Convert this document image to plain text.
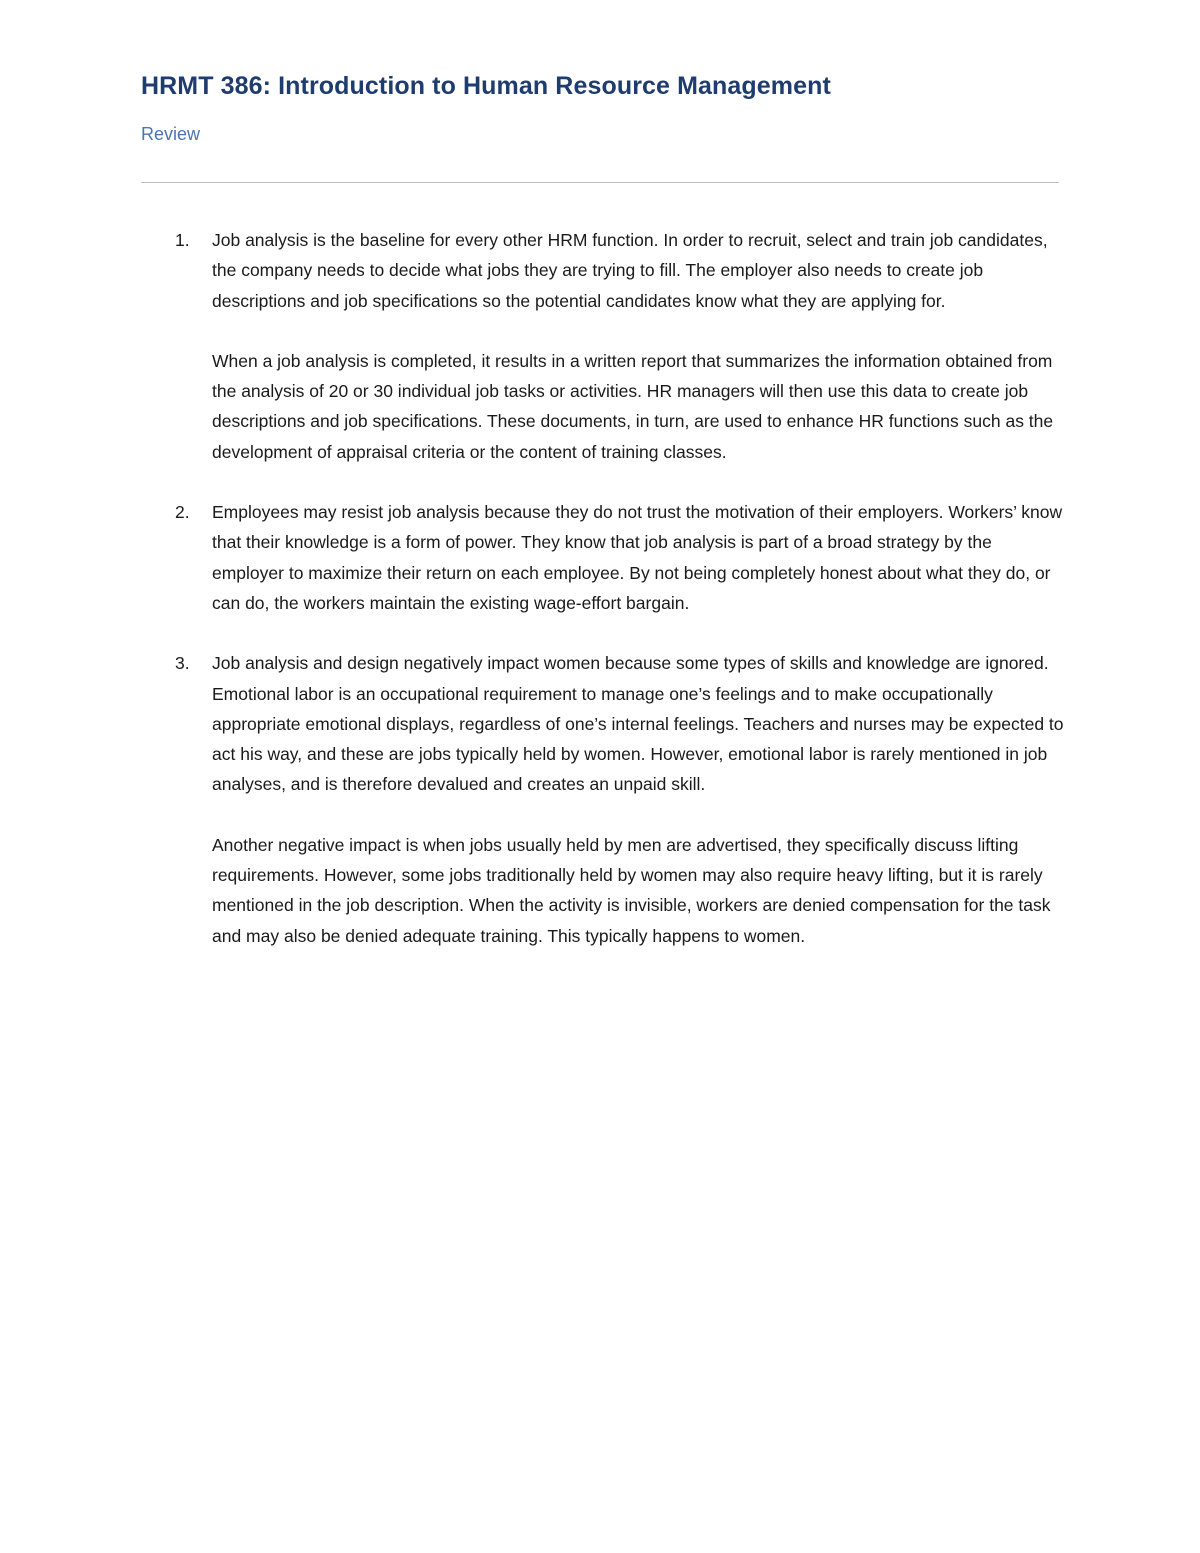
HRMT 386: Introduction to Human Resource Management
Review
1. Job analysis is the baseline for every other HRM function. In order to recruit, select and train job candidates, the company needs to decide what jobs they are trying to fill. The employer also needs to create job descriptions and job specifications so the potential candidates know what they are applying for.

When a job analysis is completed, it results in a written report that summarizes the information obtained from the analysis of 20 or 30 individual job tasks or activities. HR managers will then use this data to create job descriptions and job specifications. These documents, in turn, are used to enhance HR functions such as the development of appraisal criteria or the content of training classes.

2. Employees may resist job analysis because they do not trust the motivation of their employers. Workers’ know that their knowledge is a form of power. They know that job analysis is part of a broad strategy by the employer to maximize their return on each employee. By not being completely honest about what they do, or can do, the workers maintain the existing wage-effort bargain.

3. Job analysis and design negatively impact women because some types of skills and knowledge are ignored. Emotional labor is an occupational requirement to manage one’s feelings and to make occupationally appropriate emotional displays, regardless of one’s internal feelings. Teachers and nurses may be expected to act his way, and these are jobs typically held by women. However, emotional labor is rarely mentioned in job analyses, and is therefore devalued and creates an unpaid skill.

Another negative impact is when jobs usually held by men are advertised, they specifically discuss lifting requirements. However, some jobs traditionally held by women may also require heavy lifting, but it is rarely mentioned in the job description. When the activity is invisible, workers are denied compensation for the task and may also be denied adequate training. This typically happens to women.
